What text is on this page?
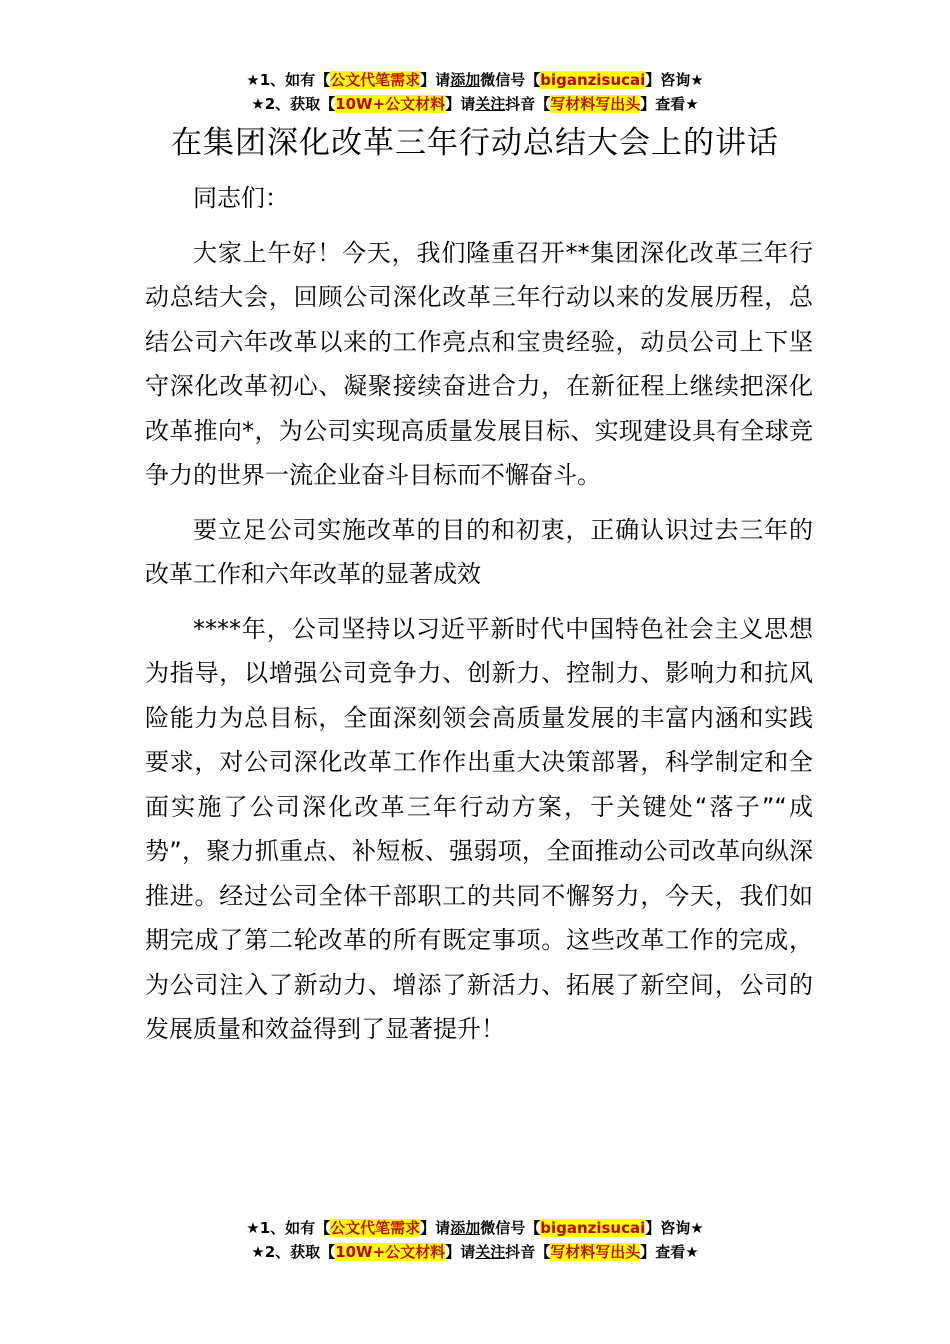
★1、如有【公文代笔需求】请添加微信号【biganzisucai】咨询★
★2、获取【10W+公文材料】请关注抖音【写材料写出头】查看★
在集团深化改革三年行动总结大会上的讲话

同志们：

大家上午好！今天，我们隆重召开**集团深化改革三年行动总结大会，回顾公司深化改革三年行动以来的发展历程，总结公司六年改革以来的工作亮点和宝贵经验，动员公司上下坚守深化改革初心、凝聚接续奋进合力，在新征程上继续把深化改革推向*，为公司实现高质量发展目标、实现建设具有全球竞争力的世界一流企业奋斗目标而不懈奋斗。

要立足公司实施改革的目的和初衷，正确认识过去三年的改革工作和六年改革的显著成效

****年，公司坚持以习近平新时代中国特色社会主义思想为指导，以增强公司竞争力、创新力、控制力、影响力和抗风险能力为总目标，全面深刻领会高质量发展的丰富内涵和实践要求，对公司深化改革工作作出重大决策部署，科学制定和全面实施了公司深化改革三年行动方案，于关键处“落子”“成势”，聚力抓重点、补短板、强弱项，全面推动公司改革向纵深推进。经过公司全体干部职工的共同不懈努力，今天，我们如期完成了第二轮改革的所有既定事项。这些改革工作的完成，为公司注入了新动力、增添了新活力、拓展了新空间，公司的发展质量和效益得到了显著提升！

★1、如有【公文代笔需求】请添加微信号【biganzisucai】咨询★
★2、获取【10W+公文材料】请关注抖音【写材料写出头】查看★
